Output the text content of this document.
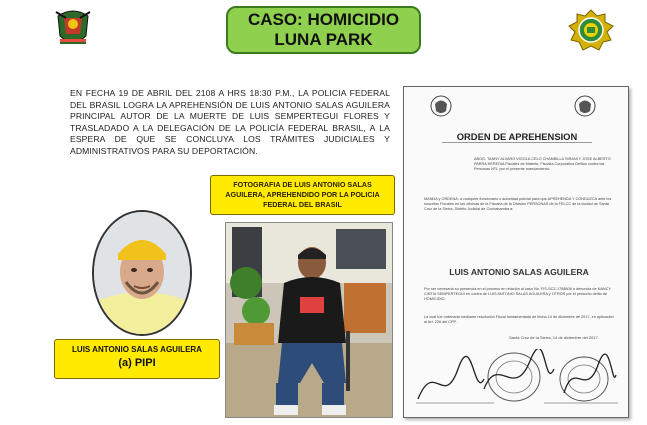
CASO: HOMICIDIO
LUNA PARK
EN FECHA 19 DE ABRIL DEL 2108 A HRS 18:30 P.M., LA POLICIA FEDERAL DEL BRASIL LOGRA LA APREHENSIÓN DE LUIS ANTONIO SALAS AGUILERA PRINCIPAL AUTOR DE LA MUERTE DE LUIS SEMPERTEGUI FLORES Y TRASLADADO A LA DELEGACIÓN DE LA POLICÍA FEDERAL BRASIL, A LA ESPERA DE QUE SE CONCLUYA LOS TRÁMITES JUDICIALES Y ADMINISTRATIVOS PARA SU DEPORTACIÓN.
FOTOGRAFIA DE LUIS ANTONIO SALAS AGUILERA, APREHENDIDO POR LA POLICIA FEDERAL DEL BRASIL
LUIS ANTONIO SALAS AGUILERA
(a) PIPI
ORDEN DE APREHENSION
ABOG. TANNY ALVARO VIGOLA CELO CHAMBILLA SIRANI Y JOSE ALBERTO PARRA HEREDIA Fiscales de Materia, Fiscalía Corporativa Delitos contra las Personas Nº1, por el presente mandamiento:
MANDA y ORDENA: a cualquier funcionario o autoridad policial para que APREHENDA Y CONDUZCA ante los suscritos Fiscales en las oficinas de la Fiscalía de la División PERSONAS de la FELCC de la ciudad de Santa Cruz de la Sierra, Distrito Judicial de Cochabamba a:
LUIS ANTONIO SALAS AGUILERA
Por ser necesaria su presencia en el proceso en relación al caso No. FIS-SCZ-1708808 a denuncia de NANCY CINTIA SEMPERTEGUI en contra de LUIS ANTONIO SALAS AGUILERA y OTROS por el presunto delito de HOMICIDIO.
La cual fue ordenada mediante resolución Fiscal fundamentada de fecha 14 de diciembre de 2017, en aplicación al Art. 226 del CPP.
Santa Cruz de la Sierra, 14 de diciembre del 2017.
